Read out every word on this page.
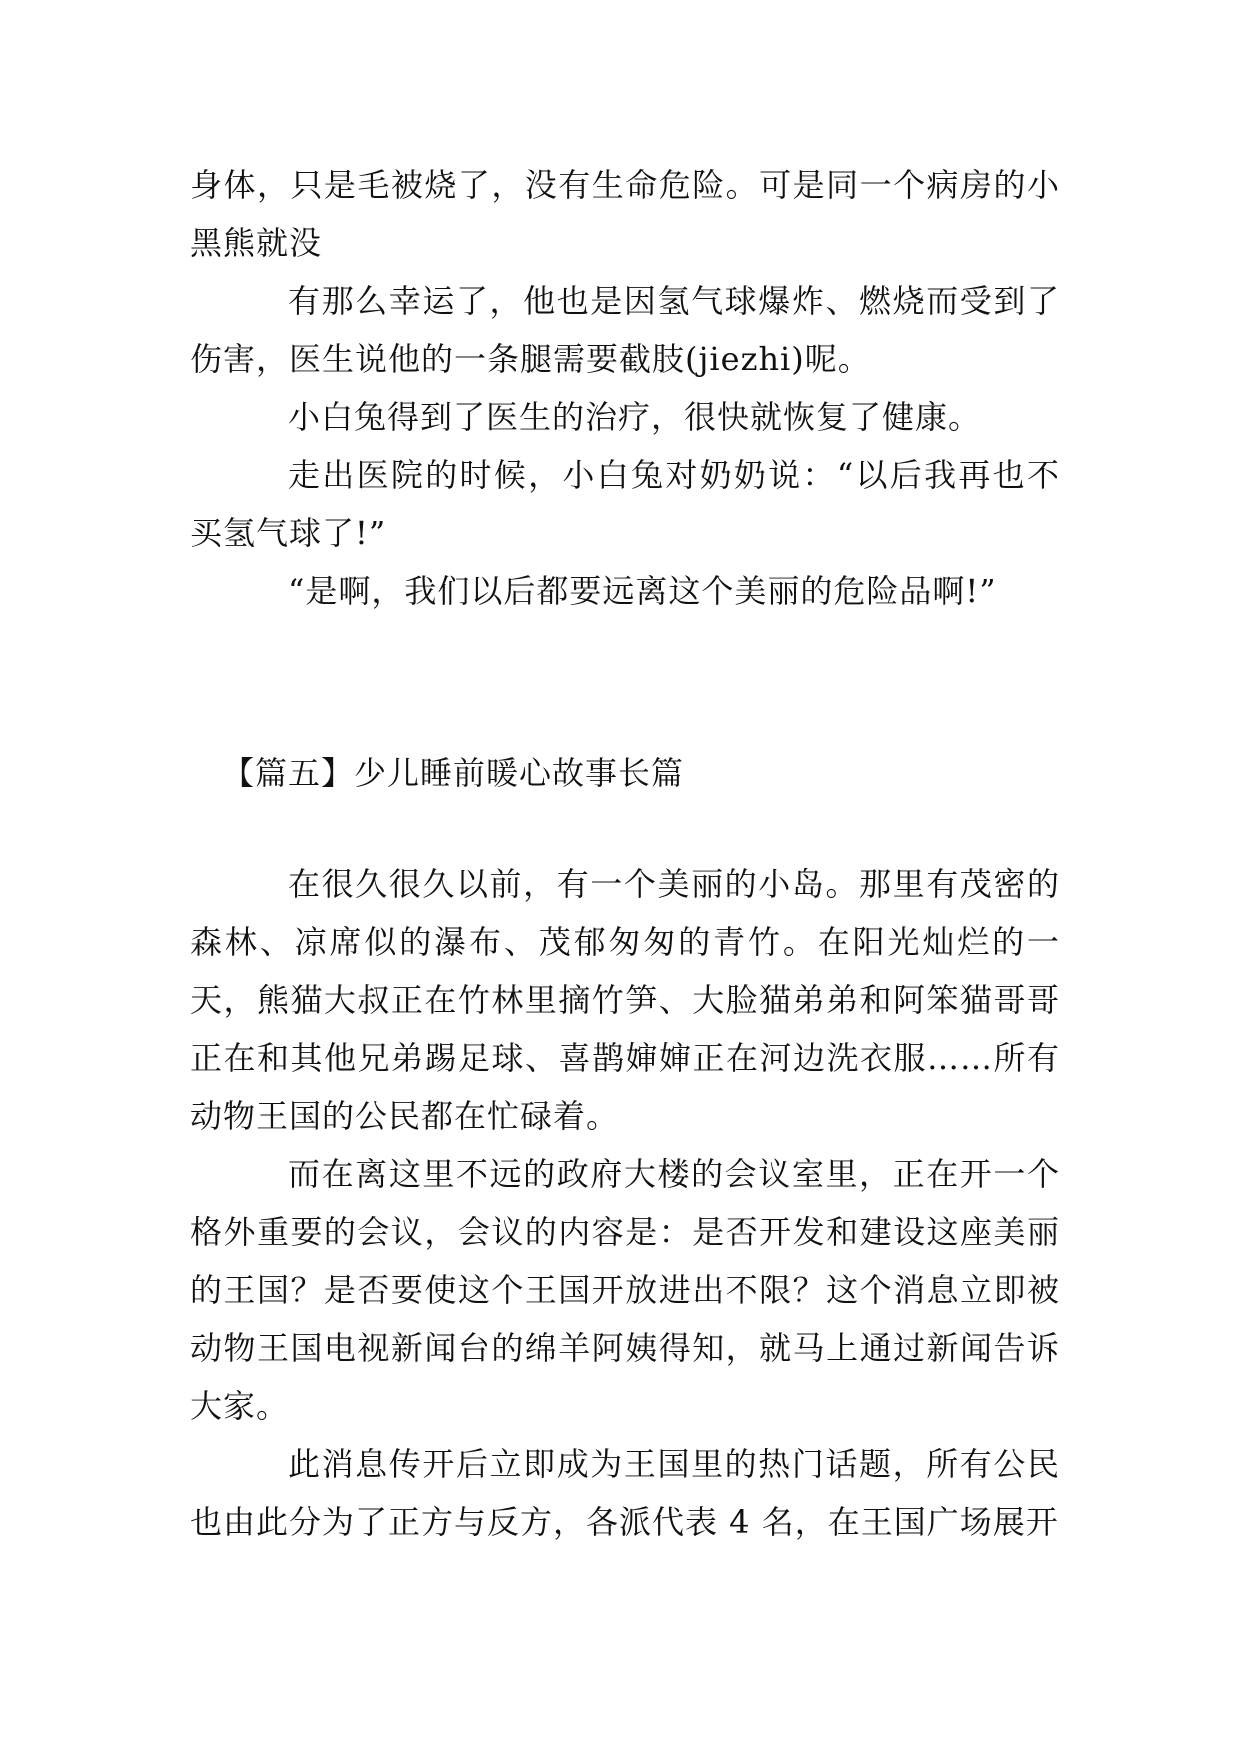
身体，只是毛被烧了，没有生命危险。可是同一个病房的小黑熊就没

有那么幸运了，他也是因氢气球爆炸、燃烧而受到了伤害，医生说他的一条腿需要截肢(jiezhi)呢。

小白兔得到了医生的治疗，很快就恢复了健康。

走出医院的时候，小白兔对奶奶说：“以后我再也不买氢气球了!”

“是啊，我们以后都要远离这个美丽的危险品啊!”

【篇五】少儿睡前暖心故事长篇

在很久很久以前，有一个美丽的小岛。那里有茂密的森林、凉席似的瀑布、茂郁匆匆的青竹。在阳光灿烂的一天，熊猫大叔正在竹林里摘竹笋、大脸猫弟弟和阿笨猫哥哥正在和其他兄弟踢足球、喜鹊婶婶正在河边洗衣服……所有动物王国的公民都在忙碌着。

而在离这里不远的政府大楼的会议室里，正在开一个格外重要的会议，会议的内容是：是否开发和建设这座美丽的王国？是否要使这个王国开放进出不限？这个消息立即被动物王国电视新闻台的绵羊阿姨得知，就马上通过新闻告诉大家。

此消息传开后立即成为王国里的热门话题，所有公民也由此分为了正方与反方，各派代表 4 名，在王国广场展开
